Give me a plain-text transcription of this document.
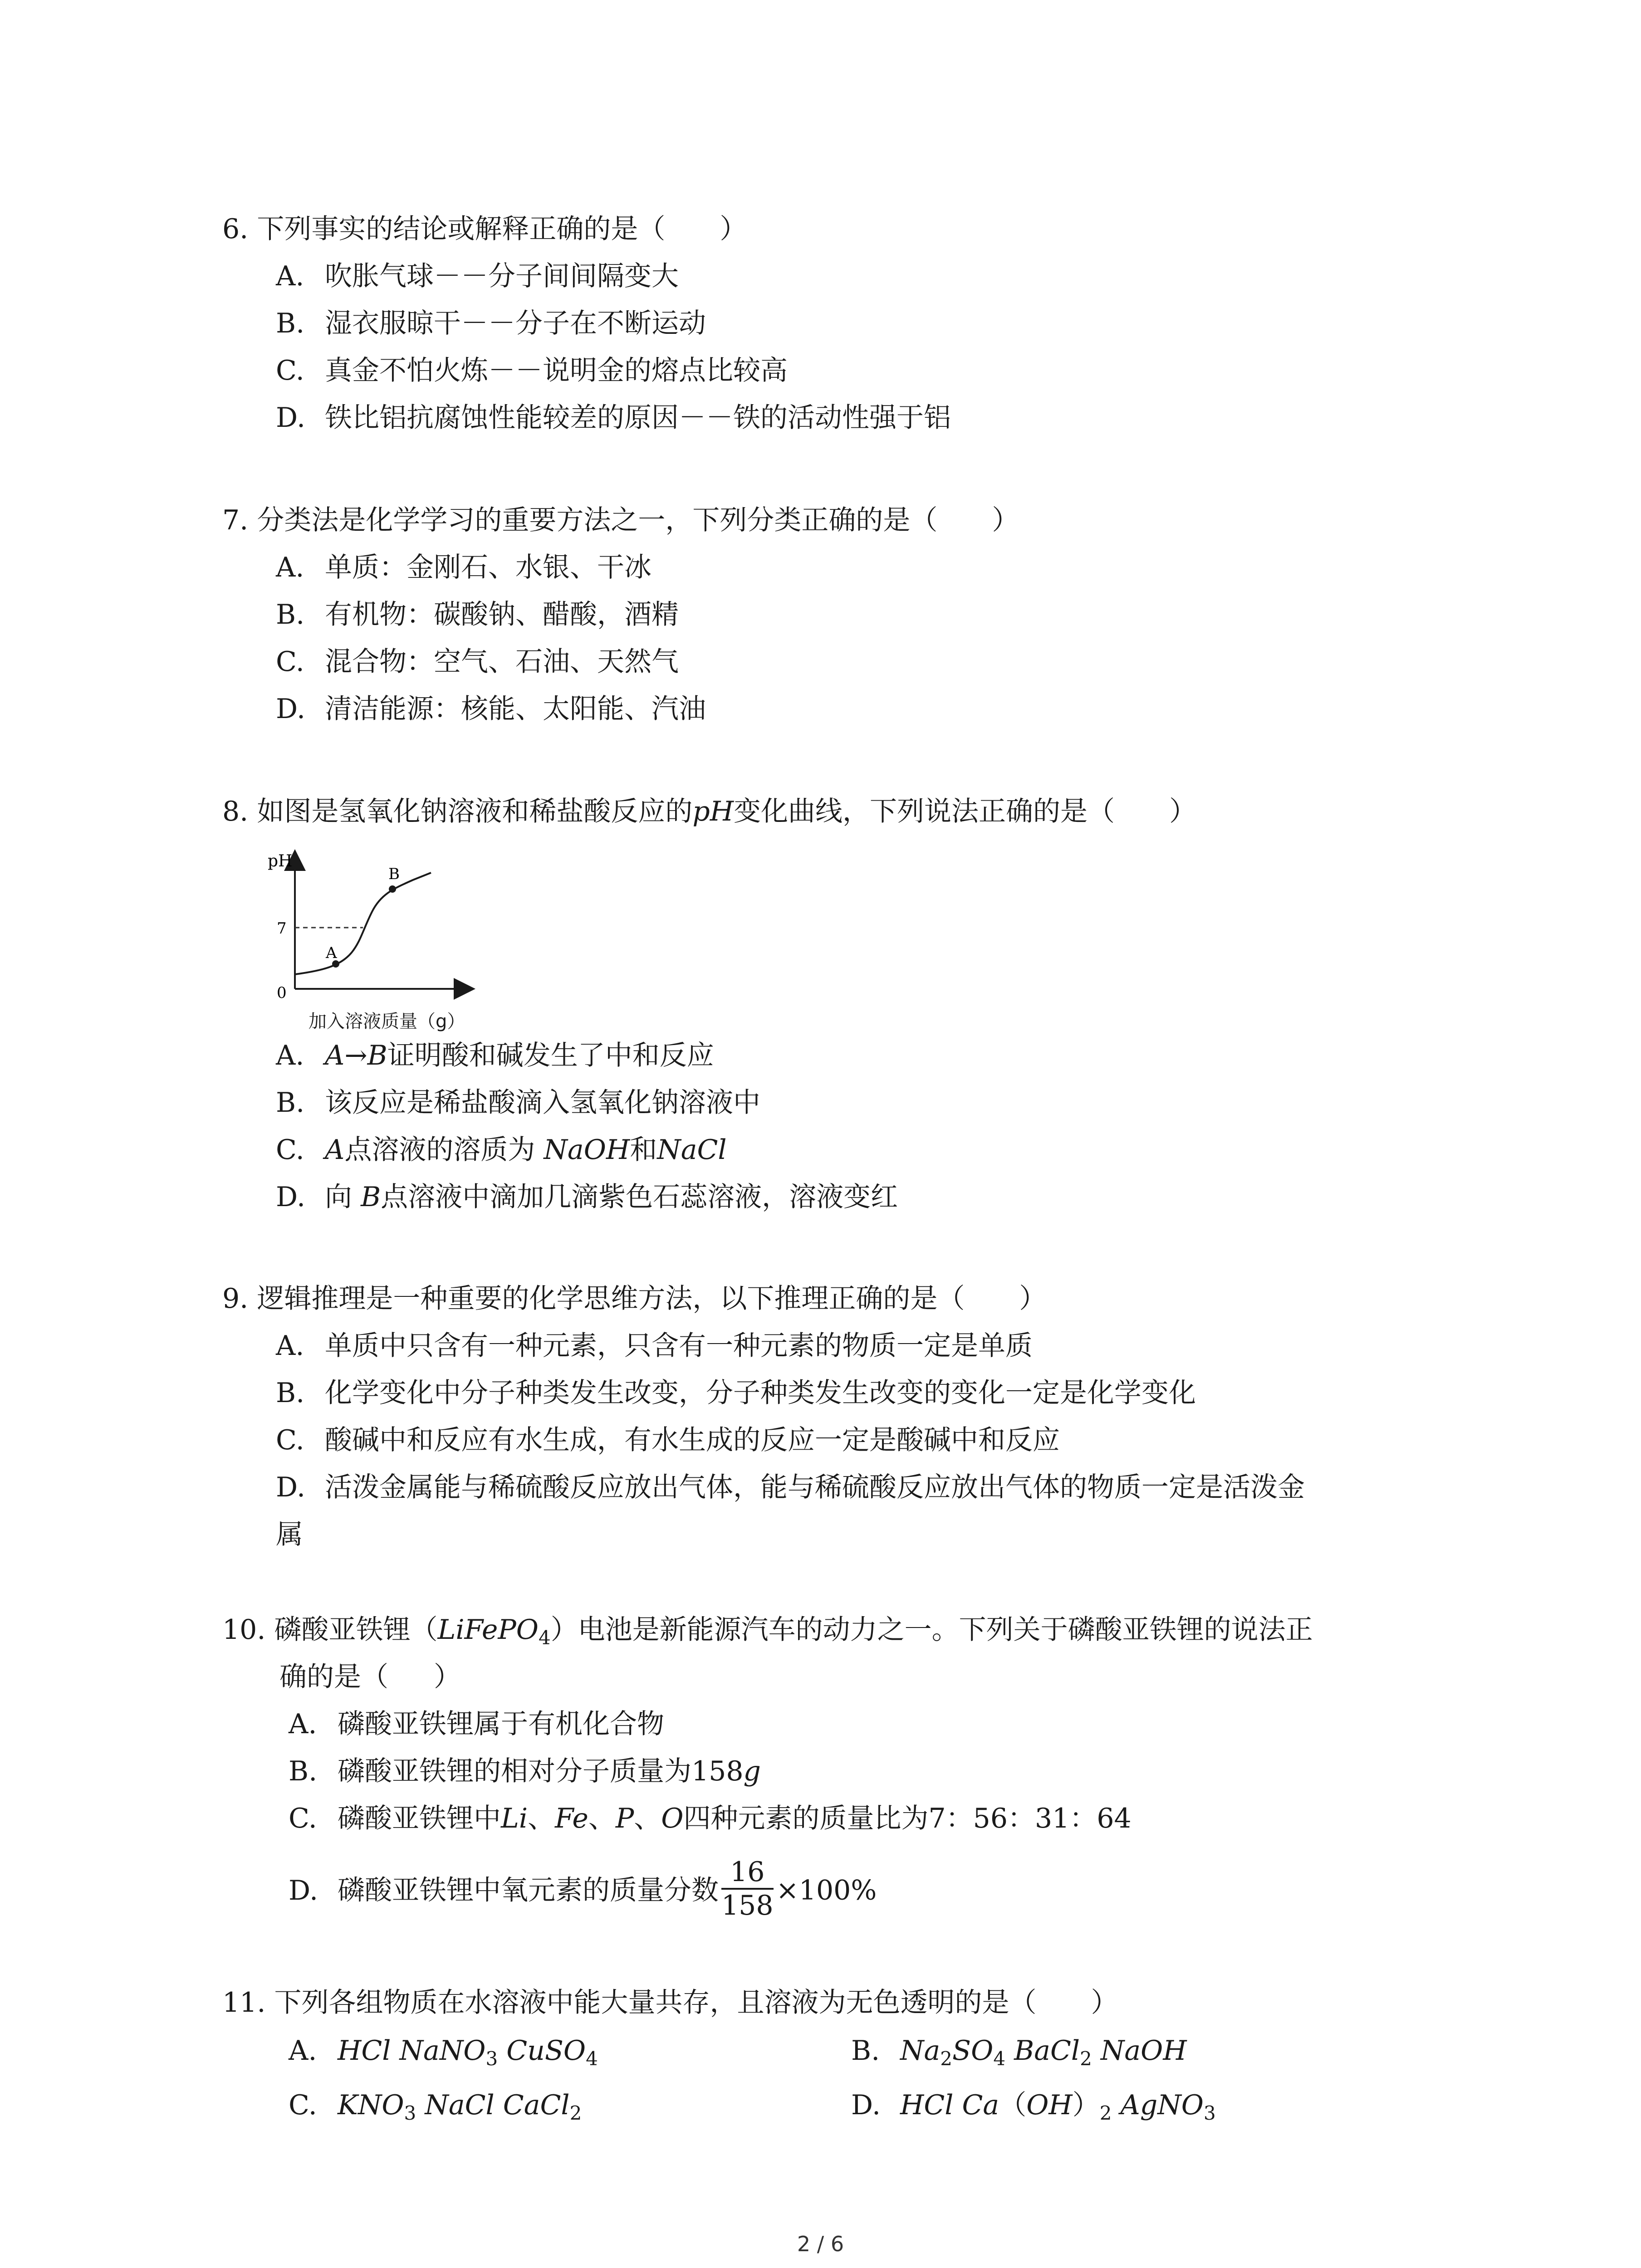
6. 下列事实的结论或解释正确的是（ ）

A. 吹胀气球－－分子间间隔变大

B. 湿衣服晾干－－分子在不断运动

C. 真金不怕火炼－－说明金的熔点比较高

D. 铁比铝抗腐蚀性能较差的原因－－铁的活动性强于铝

7. 分类法是化学学习的重要方法之一，下列分类正确的是（ ）

A. 单质：金刚石、水银、干冰

B. 有机物：碳酸钠、醋酸，酒精

C. 混合物：空气、石油、天然气

D. 清洁能源：核能、太阳能、汽油

8. 如图是氢氧化钠溶液和稀盐酸反应的pH变化曲线，下列说法正确的是（ ）

pH
7
0
A
B
加入溶液质量（g）

A. A→B证明酸和碱发生了中和反应

B. 该反应是稀盐酸滴入氢氧化钠溶液中

C. A点溶液的溶质为 NaOH和NaCl

D. 向 B点溶液中滴加几滴紫色石蕊溶液，溶液变红

9. 逻辑推理是一种重要的化学思维方法，以下推理正确的是（ ）

A. 单质中只含有一种元素，只含有一种元素的物质一定是单质

B. 化学变化中分子种类发生改变，分子种类发生改变的变化一定是化学变化

C. 酸碱中和反应有水生成，有水生成的反应一定是酸碱中和反应

D. 活泼金属能与稀硫酸反应放出气体，能与稀硫酸反应放出气体的物质一定是活泼金

属

10. 磷酸亚铁锂（LiFePO$_4$）电池是新能源汽车的动力之一。下列关于磷酸亚铁锂的说法正

确的是（ ）

A. 磷酸亚铁锂属于有机化合物

B. 磷酸亚铁锂的相对分子质量为158g

C. 磷酸亚铁锂中Li、Fe、P、O四种元素的质量比为7：56：31：64

D. 磷酸亚铁锂中氧元素的质量分数 $\frac{16}{158} \times 100\%$

11. 下列各组物质在水溶液中能大量共存，且溶液为无色透明的是（ ）

A. HCl NaNO$_3$ CuSO$_4$	B. $Na_2SO_4$ BaCl$_2$ NaOH

C. $KNO_3$ NaCl CaCl$_2$	D. HCl $Ca(OH)_2$ AgNO$_3$

2 / 6
